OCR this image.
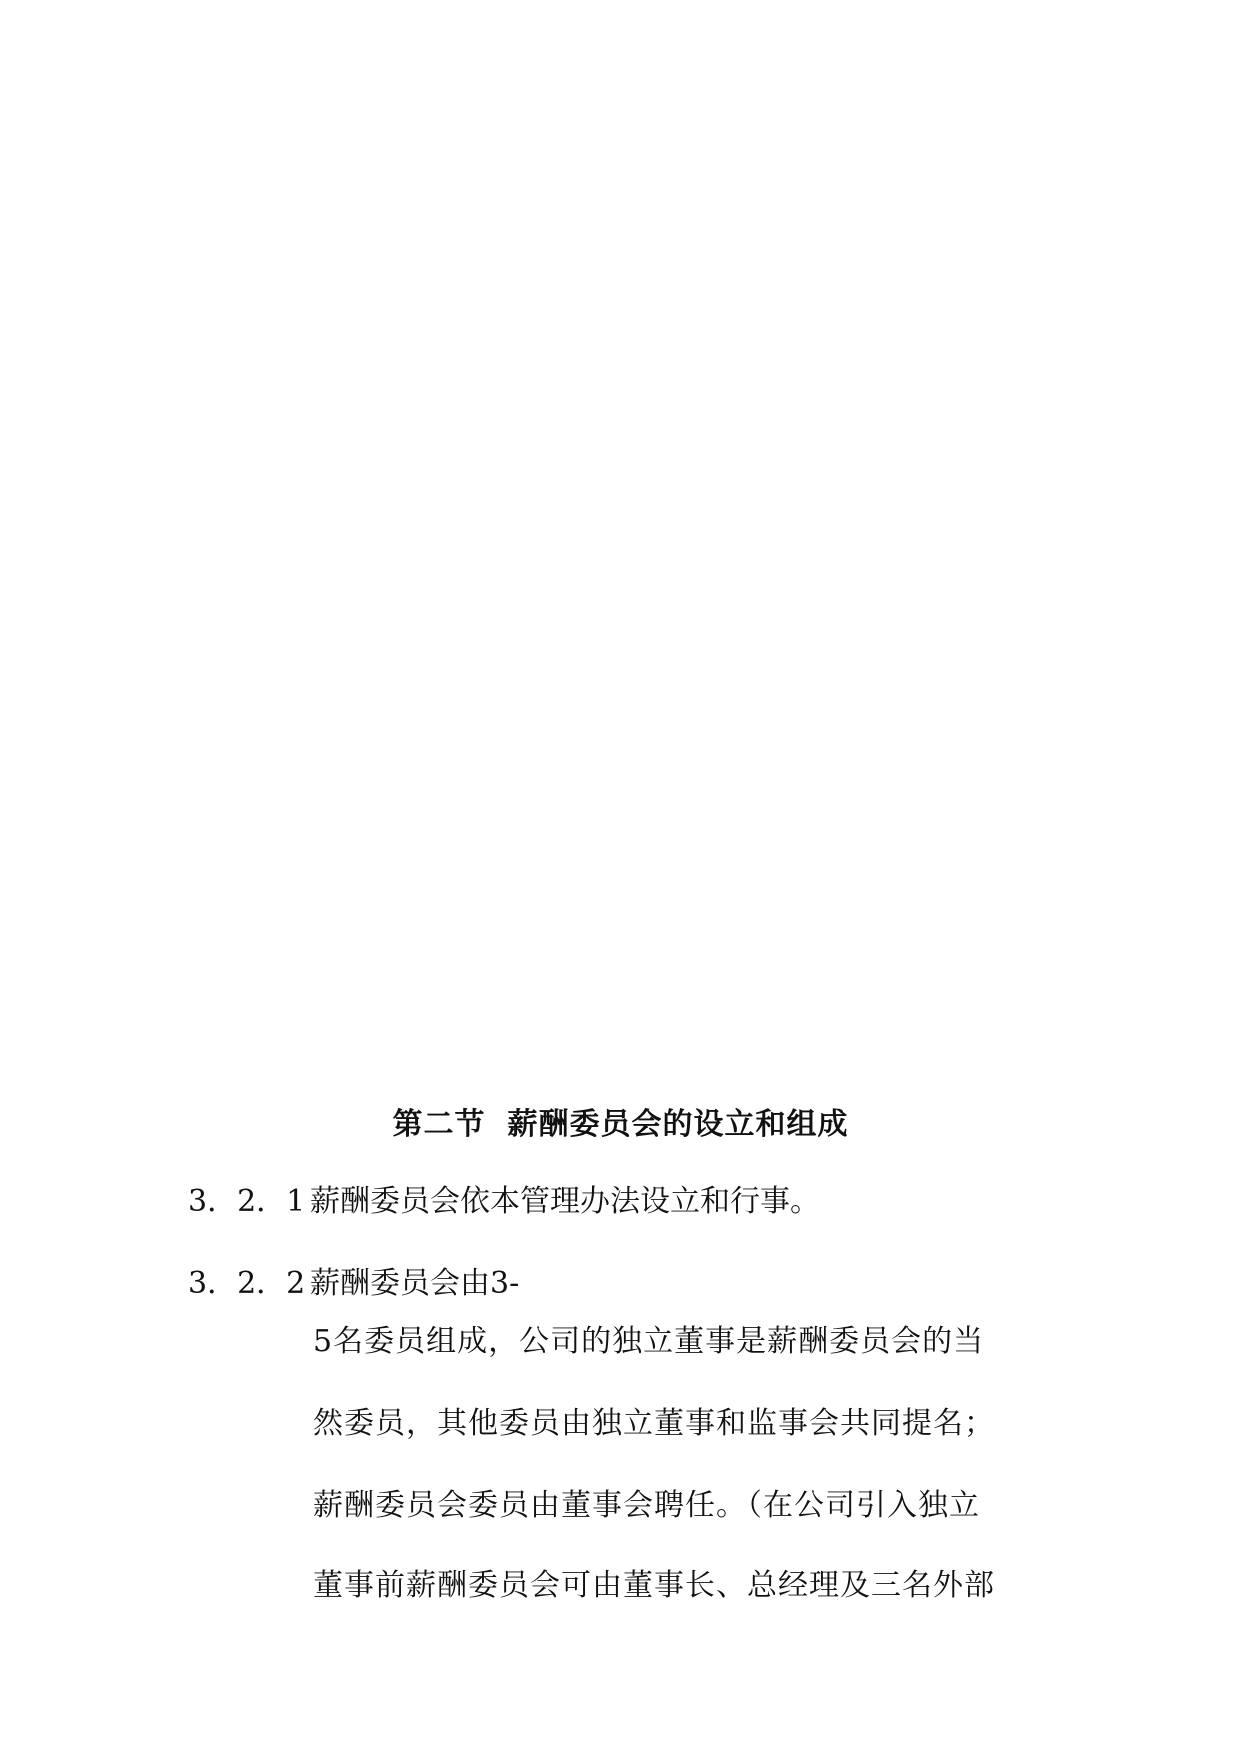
第二节 薪酬委员会的设立和组成
3．2．1 薪酬委员会依本管理办法设立和行事。
3．2．2 薪酬委员会由3-
5名委员组成，公司的独立董事是薪酬委员会的当
然委员，其他委员由独立董事和监事会共同提名；
薪酬委员会委员由董事会聘任。（在公司引入独立
董事前薪酬委员会可由董事长、总经理及三名外部
